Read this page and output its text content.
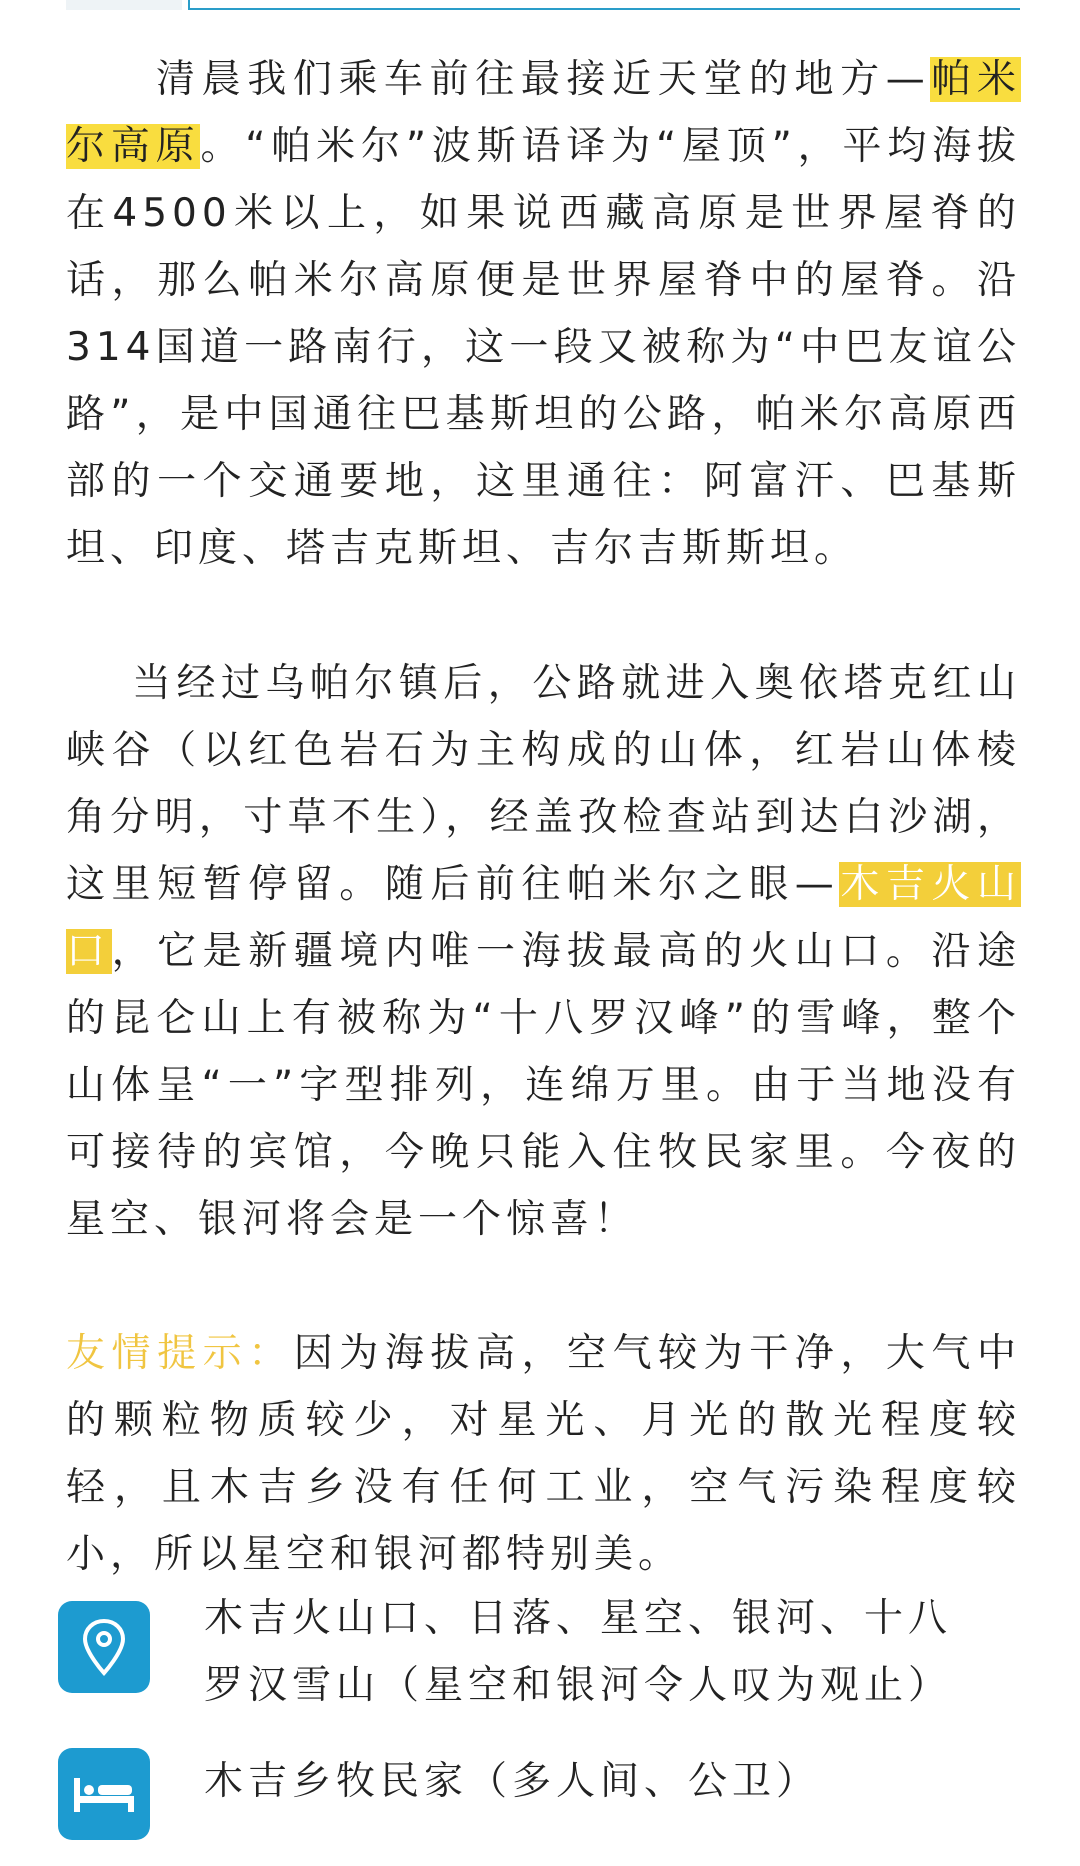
清晨我们乘车前往最接近天堂的地方—帕米尔高原。“帕米尔”波斯语译为“屋顶”，平均海拔在4500米以上，如果说西藏高原是世界屋脊的话，那么帕米尔高原便是世界屋脊中的屋脊。沿314国道一路南行，这一段又被称为“中巴友谊公路”，是中国通往巴基斯坦的公路，帕米尔高原西部的一个交通要地，这里通往：阿富汗、巴基斯坦、印度、塔吉克斯坦、吉尔吉斯斯坦。

当经过乌帕尔镇后，公路就进入奥依塔克红山峡谷（以红色岩石为主构成的山体，红岩山体棱角分明，寸草不生），经盖孜检查站到达白沙湖，这里短暂停留。随后前往帕米尔之眼—木吉火山口，它是新疆境内唯一海拔最高的火山口。沿途的昆仑山上有被称为“十八罗汉峰”的雪峰，整个山体呈“一”字型排列，连绵万里。由于当地没有可接待的宾馆，今晚只能入住牧民家里。今夜的星空、银河将会是一个惊喜！

友情提示：因为海拔高，空气较为干净，大气中的颗粒物质较少，对星光、月光的散光程度较轻，且木吉乡没有任何工业，空气污染程度较小，所以星空和银河都特别美。

木吉火山口、日落、星空、银河、十八罗汉雪山（星空和银河令人叹为观止）

木吉乡牧民家（多人间、公卫）
